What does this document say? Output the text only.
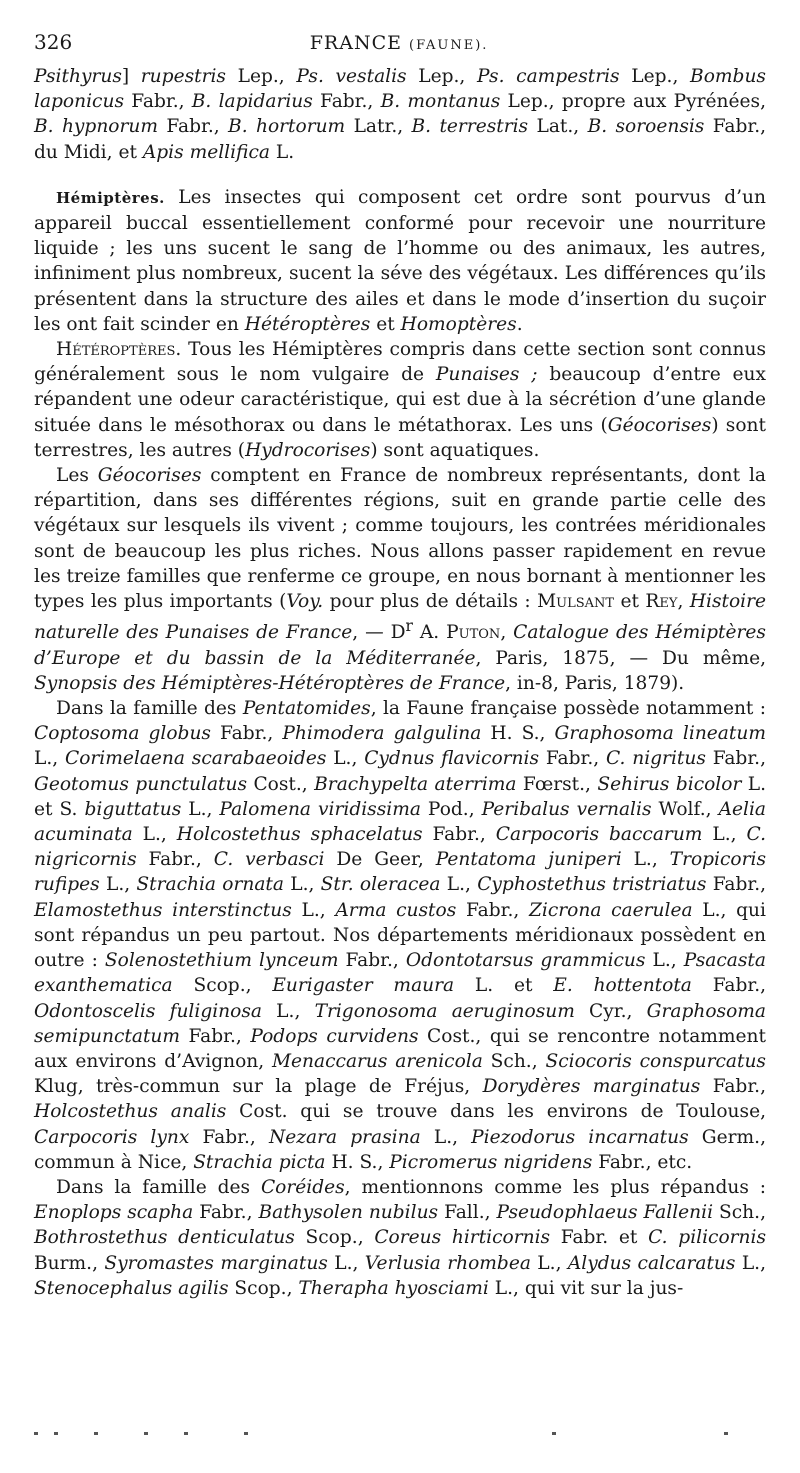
326	FRANCE (FAUNE).

Psithyrus] rupestris Lep., Ps. vestalis Lep., Ps. campestris Lep., Bombus laponicus Fabr., B. lapidarius Fabr., B. montanus Lep., propre aux Pyrénées, B. hypnorum Fabr., B. hortorum Latr., B. terrestris Lat., B. soroensis Fabr., du Midi, et Apis mellifica L.

Hémiptères. Les insectes qui composent cet ordre sont pourvus d’un appareil buccal essentiellement conformé pour recevoir une nourriture liquide ; les uns sucent le sang de l’homme ou des animaux, les autres, infiniment plus nombreux, sucent la séve des végétaux. Les différences qu’ils présentent dans la structure des ailes et dans le mode d’insertion du suçoir les ont fait scinder en Hétéroptères et Homoptères.

Hétéroptères. Tous les Hémiptères compris dans cette section sont connus généralement sous le nom vulgaire de Punaises ; beaucoup d’entre eux répandent une odeur caractéristique, qui est due à la sécrétion d’une glande située dans le mésothorax ou dans le métathorax. Les uns (Géocorises) sont terrestres, les autres (Hydrocorises) sont aquatiques.

Les Géocorises comptent en France de nombreux représentants, dont la répartition, dans ses différentes régions, suit en grande partie celle des végétaux sur lesquels ils vivent ; comme toujours, les contrées méridionales sont de beaucoup les plus riches. Nous allons passer rapidement en revue les treize familles que renferme ce groupe, en nous bornant à mentionner les types les plus importants (Voy. pour plus de détails : Mulsant et Rey, Histoire naturelle des Punaises de France, — $D^r$ A. Puton, Catalogue des Hémiptères d’Europe et du bassin de la Méditerranée, Paris, 1875, — Du même, Synopsis des Hémiptères-Hétéroptères de France, in-8, Paris, 1879).

Dans la famille des Pentatomides, la Faune française possède notamment : Coptosoma globus Fabr., Phimodera galgulina H. S., Graphosoma lineatum L., Corimelaena scarabaeoides L., Cydnus flavicornis Fabr., C. nigritus Fabr., Geotomus punctulatus Cost., Brachypelta aterrima Fœrst., Sehirus bicolor L. et S. biguttatus L., Palomena viridissima Pod., Peribalus vernalis Wolf., Aelia acuminata L., Holcostethus sphacelatus Fabr., Carpocoris baccarum L., C. nigricornis Fabr., C. verbasci De Geer, Pentatoma juniperi L., Tropicoris rufipes L., Strachia ornata L., Str. oleracea L., Cyphostethus tristriatus Fabr., Elamostethus interstinctus L., Arma custos Fabr., Zicrona caerulea L., qui sont répandus un peu partout. Nos départements méridionaux possèdent en outre : Solenostethium lynceum Fabr., Odontotarsus grammicus L., Psacasta exanthematica Scop., Eurigaster maura L. et E. hottentota Fabr., Odontoscelis fuliginosa L., Trigonosoma aeruginosum Cyr., Graphosoma semipunctatum Fabr., Podops curvidens Cost., qui se rencontre notamment aux environs d’Avignon, Menaccarus arenicola Sch., Sciocoris conspurcatus Klug, très-commun sur la plage de Fréjus, Dorydères marginatus Fabr., Holcostethus analis Cost. qui se trouve dans les environs de Toulouse, Carpocoris lynx Fabr., Nezara prasina L., Piezodorus incarnatus Germ., commun à Nice, Strachia picta H. S., Picromerus nigridens Fabr., etc.

Dans la famille des Coréides, mentionnons comme les plus répandus : Enoplops scapha Fabr., Bathysolen nubilus Fall., Pseudophlaeus Fallenii Sch., Bothrostethus denticulatus Scop., Coreus hirticornis Fabr. et C. pilicornis Burm., Syromastes marginatus L., Verlusia rhombea L., Alydus calcaratus L., Stenocephalus agilis Scop., Therapha hyosciami L., qui vit sur la jus-
